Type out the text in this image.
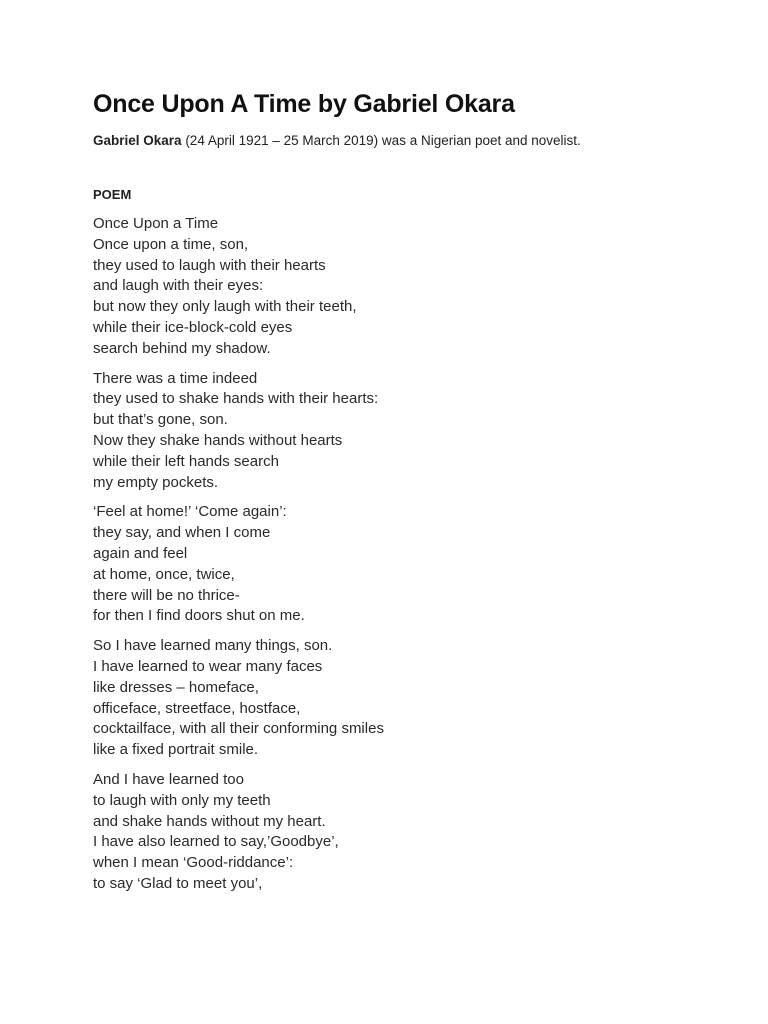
Once Upon A Time by Gabriel Okara
Gabriel Okara (24 April 1921 – 25 March 2019) was a Nigerian poet and novelist.
POEM
Once Upon a Time
Once upon a time, son,
they used to laugh with their hearts
and laugh with their eyes:
but now they only laugh with their teeth,
while their ice-block-cold eyes
search behind my shadow.
There was a time indeed
they used to shake hands with their hearts:
but that’s gone, son.
Now they shake hands without hearts
while their left hands search
my empty pockets.
‘Feel at home!’ ‘Come again’:
they say, and when I come
again and feel
at home, once, twice,
there will be no thrice-
for then I find doors shut on me.
So I have learned many things, son.
I have learned to wear many faces
like dresses – homeface,
officeface, streetface, hostface,
cocktailface, with all their conforming smiles
like a fixed portrait smile.
And I have learned too
to laugh with only my teeth
and shake hands without my heart.
I have also learned to say,’Goodbye’,
when I mean ‘Good-riddance’:
to say ‘Glad to meet you’,
